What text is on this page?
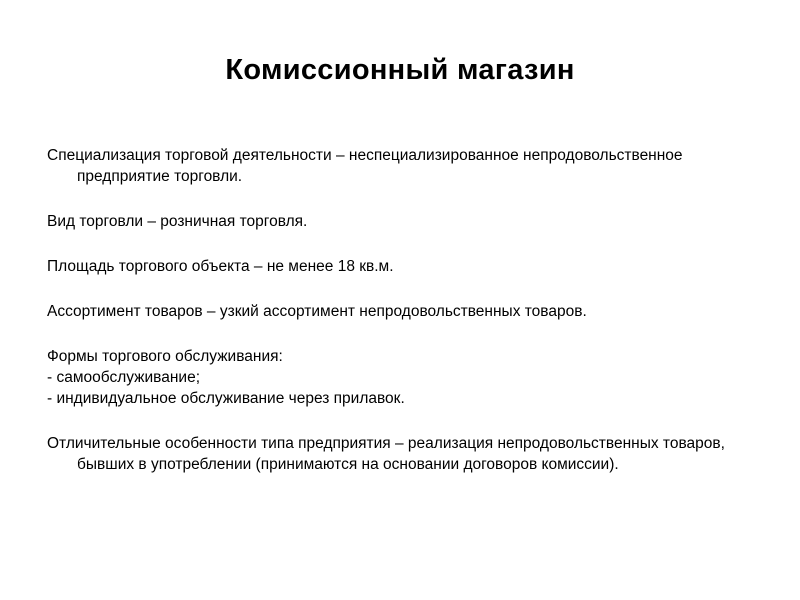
Комиссионный магазин

Специализация торговой деятельности – неспециализированное непродовольственное предприятие торговли.

Вид торговли – розничная торговля.

Площадь торгового объекта – не менее 18 кв.м.

Ассортимент товаров – узкий ассортимент непродовольственных товаров.

Формы торгового обслуживания:

- самообслуживание;

- индивидуальное обслуживание через прилавок.

Отличительные особенности типа предприятия – реализация непродовольственных товаров, бывших в употреблении (принимаются на основании договоров комиссии).
